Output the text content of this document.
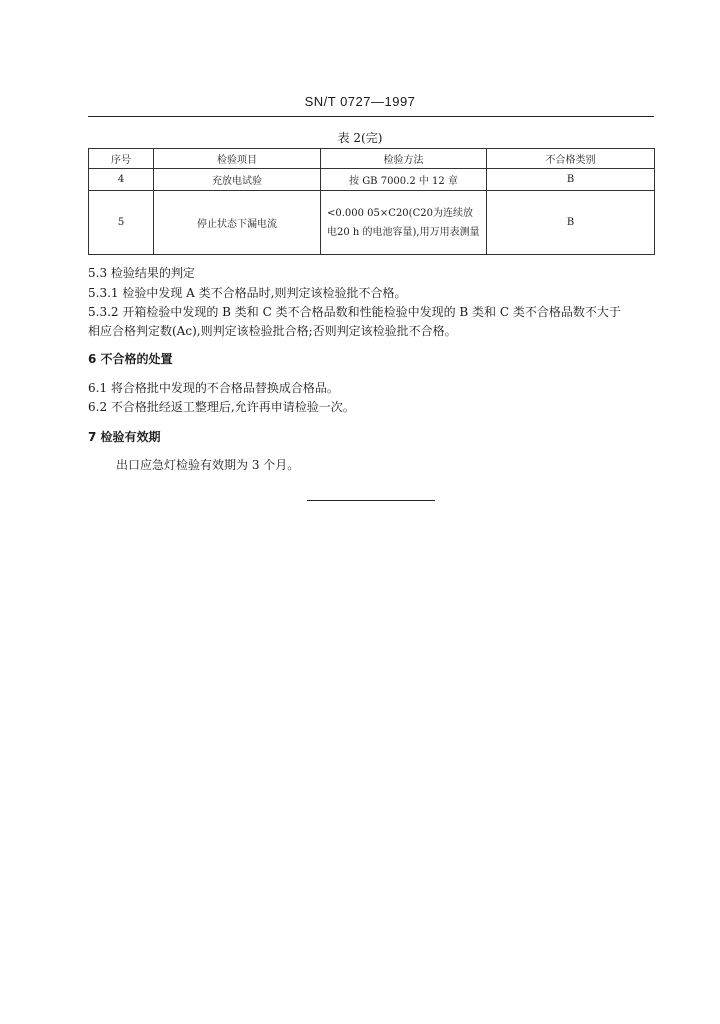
SN/T 0727—1997
表 2(完)
序号	检验项目	检验方法	不合格类别
4	充放电试验	按 GB 7000.2 中 12 章	B
5	停止状态下漏电流	<0.000 05×C20(C20为连续放电20 h 的电池容量),用万用表测量	B
5.3 检验结果的判定
5.3.1 检验中发现 A 类不合格品时,则判定该检验批不合格。
5.3.2 开箱检验中发现的 B 类和 C 类不合格品数和性能检验中发现的 B 类和 C 类不合格品数不大于
相应合格判定数(Ac),则判定该检验批合格;否则判定该检验批不合格。
6 不合格的处置
6.1 将合格批中发现的不合格品替换成合格品。
6.2 不合格批经返工整理后,允许再申请检验一次。
7 检验有效期
出口应急灯检验有效期为 3 个月。
